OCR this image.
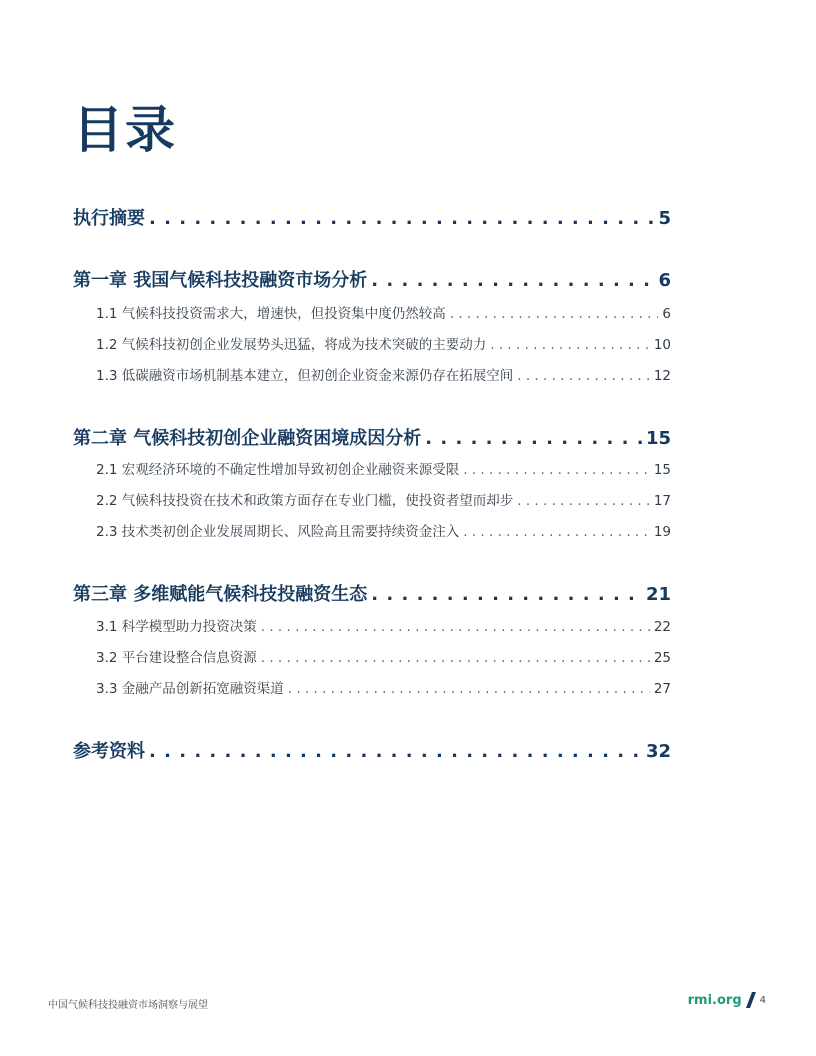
目录
执行摘要 . . .	5
第一章 我国气候科技投融资市场分析 . . .	6
1.1 气候科技投资需求大，增速快，但投资集中度仍然较高 . . .	6
1.2 气候科技初创企业发展势头迅猛，将成为技术突破的主要动力 . . .	10
1.3 低碳融资市场机制基本建立，但初创企业资金来源仍存在拓展空间 . . .	12
第二章 气候科技初创企业融资困境成因分析 . . .	15
2.1 宏观经济环境的不确定性增加导致初创企业融资来源受限 . . .	15
2.2 气候科技投资在技术和政策方面存在专业门槛，使投资者望而却步 . . .	17
2.3 技术类初创企业发展周期长、风险高且需要持续资金注入 . . .	19
第三章 多维赋能气候科技投融资生态 . . .	21
3.1 科学模型助力投资决策 . . .	22
3.2 平台建设整合信息资源 . . .	25
3.3 金融产品创新拓宽融资渠道 . . .	27
参考资料 . . .	32
中国气候科技投融资市场洞察与展望	rmi.org 4
